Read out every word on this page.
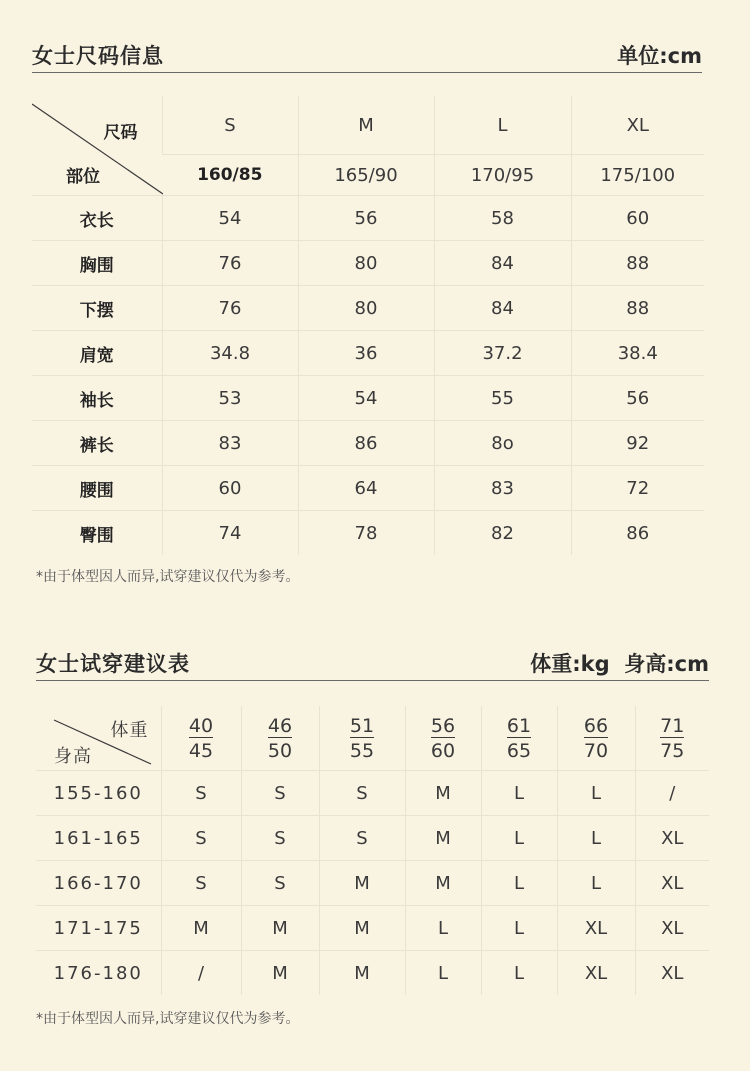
女士尺码信息	单位:cm
尺码
部位	S	M	L	XL
	160/85	165/90	170/95	175/100
衣长	54	56	58	60
胸围	76	80	84	88
下摆	76	80	84	88
肩宽	34.8	36	37.2	38.4
袖长	53	54	55	56
裤长	83	86	8o	92
腰围	60	64	83	72
臀围	74	78	82	86
*由于体型因人而异,试穿建议仅代为参考。
女士试穿建议表	体重:kg  身高:cm
体重
身高	$\frac{40}{45}$	$\frac{46}{50}$	$\frac{51}{55}$	$\frac{56}{60}$	$\frac{61}{65}$	$\frac{66}{70}$	$\frac{71}{75}$

155-160	S	S	S	M	L	L	/
161-165	S	S	S	M	L	L	XL
166-170	S	S	M	M	L	L	XL
171-175	M	M	M	L	L	XL	XL
176-180	/	M	M	L	L	XL	XL
*由于体型因人而异,试穿建议仅代为参考。
